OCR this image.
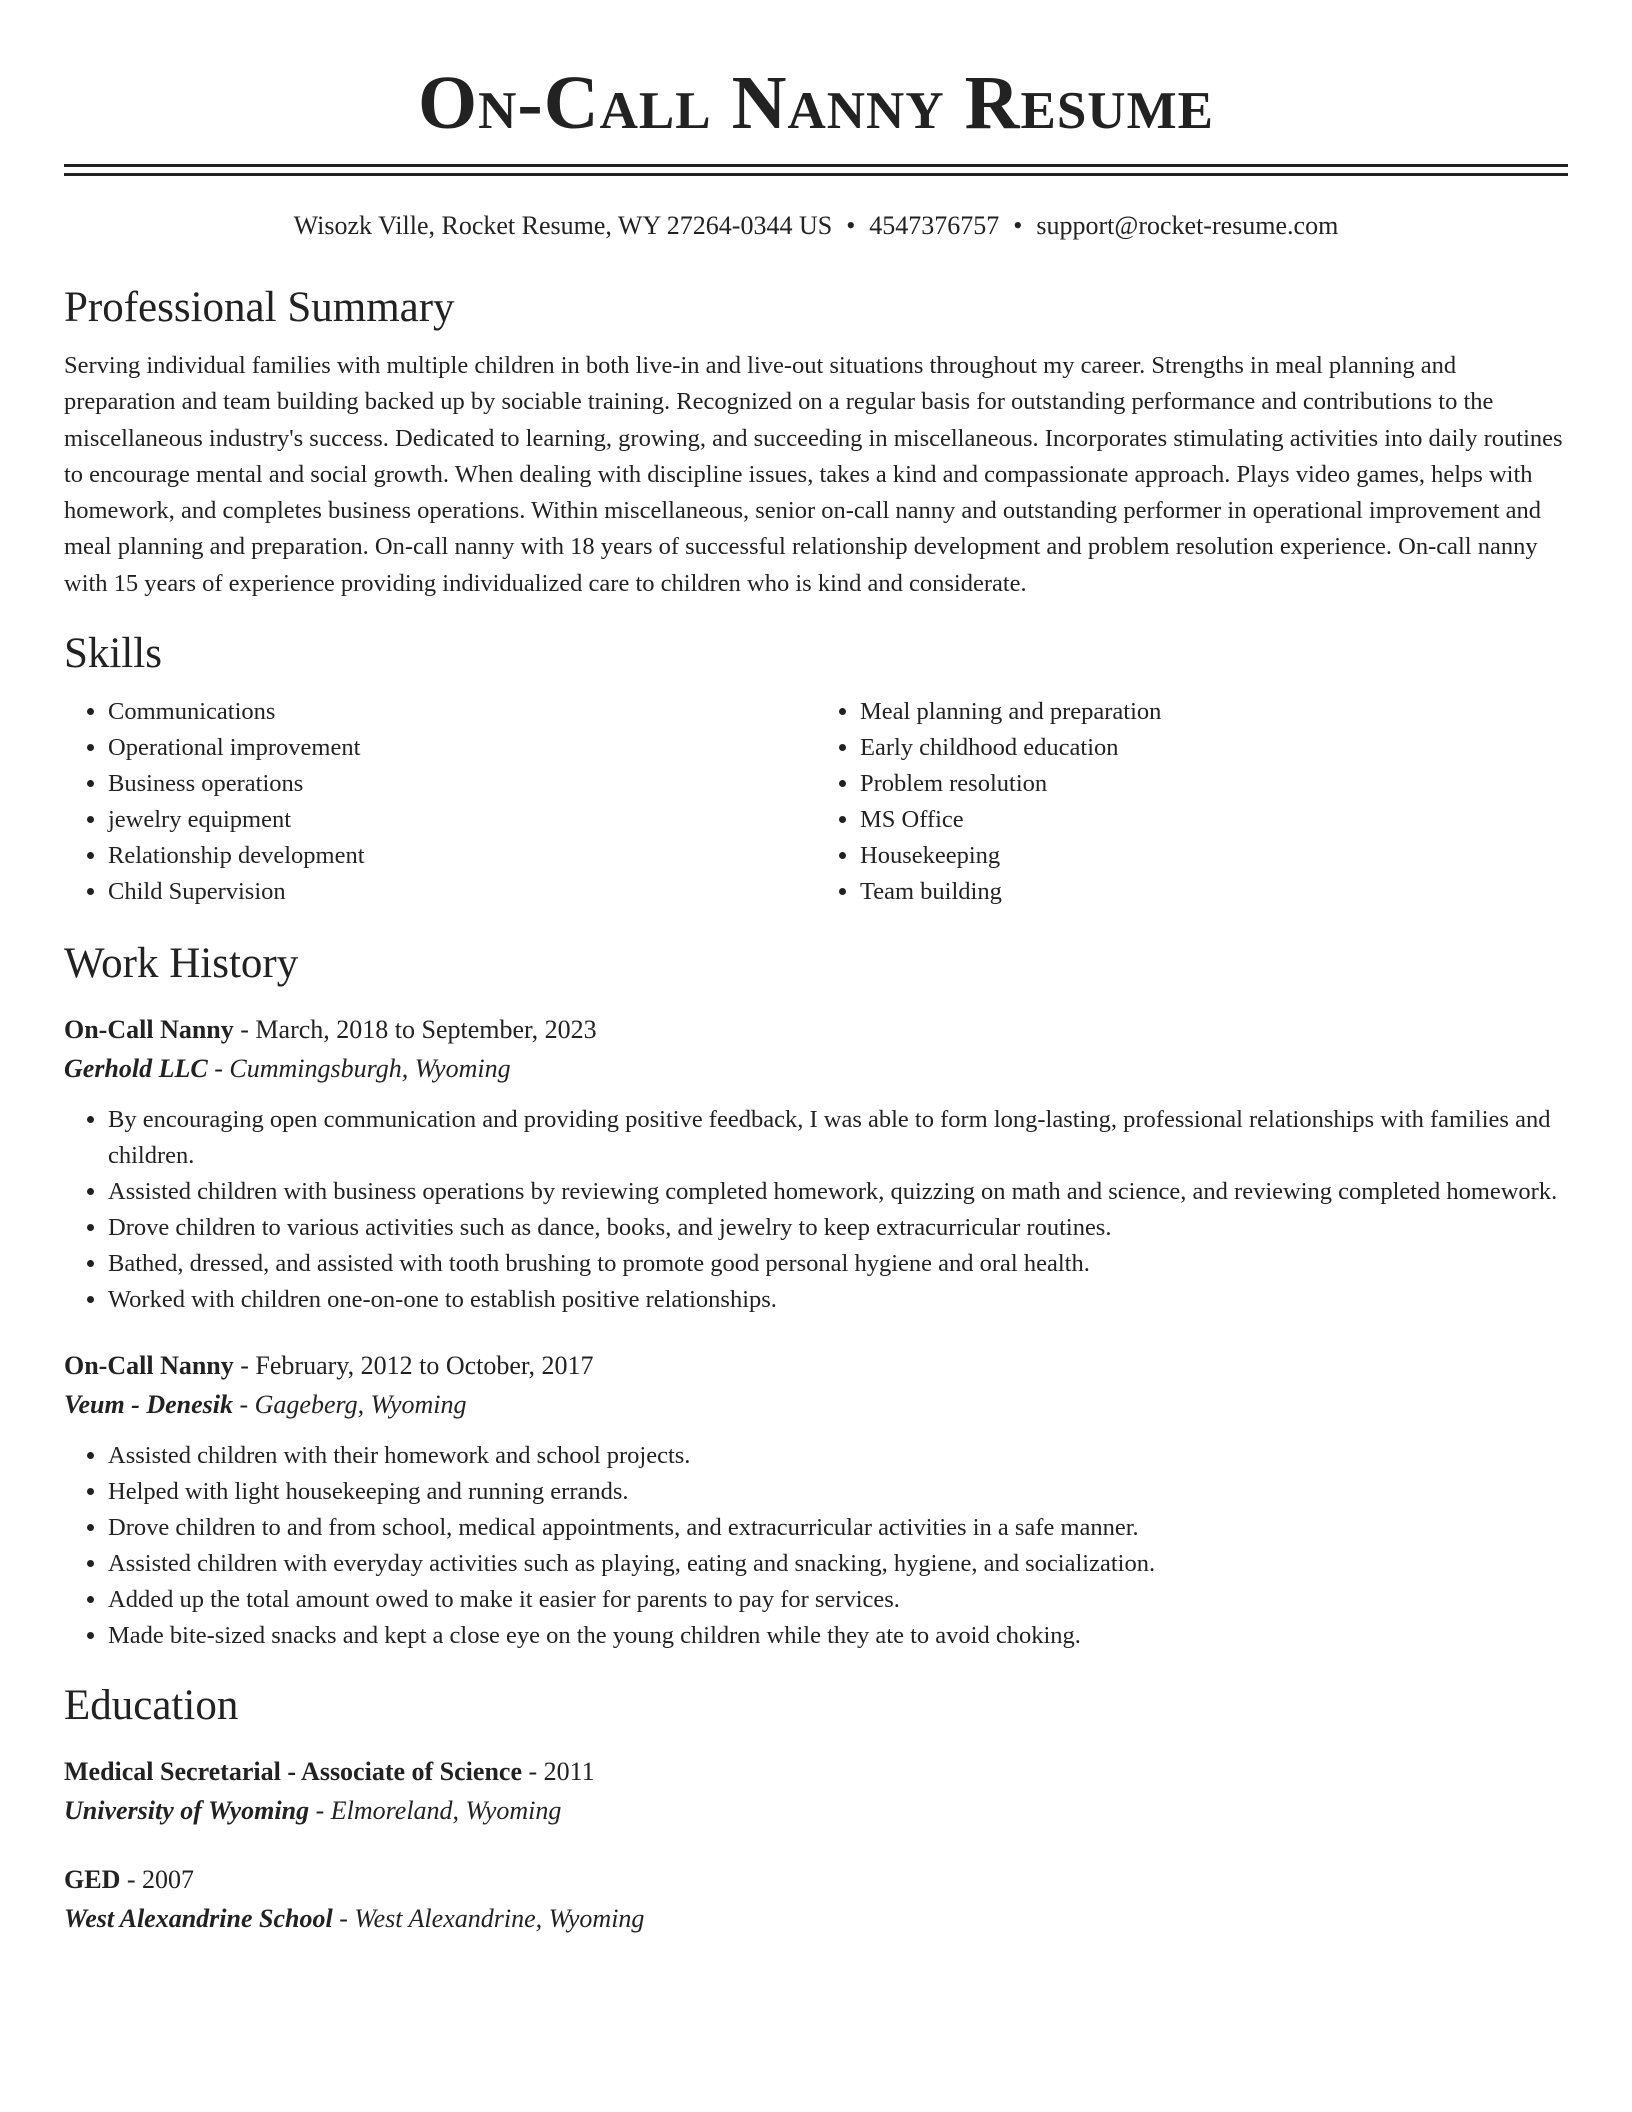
On-Call Nanny Resume
Wisozk Ville, Rocket Resume, WY 27264-0344 US • 4547376757 • support@rocket-resume.com
Professional Summary

Serving individual families with multiple children in both live-in and live-out situations throughout my career. Strengths in meal planning and preparation and team building backed up by sociable training. Recognized on a regular basis for outstanding performance and contributions to the miscellaneous industry's success. Dedicated to learning, growing, and succeeding in miscellaneous. Incorporates stimulating activities into daily routines to encourage mental and social growth. When dealing with discipline issues, takes a kind and compassionate approach. Plays video games, helps with homework, and completes business operations. Within miscellaneous, senior on-call nanny and outstanding performer in operational improvement and meal planning and preparation. On-call nanny with 18 years of successful relationship development and problem resolution experience. On-call nanny with 15 years of experience providing individualized care to children who is kind and considerate.

Skills
• Communications
• Operational improvement
• Business operations
• jewelry equipment
• Relationship development
• Child Supervision
• Meal planning and preparation
• Early childhood education
• Problem resolution
• MS Office
• Housekeeping
• Team building
Work History
On-Call Nanny - March, 2018 to September, 2023
Gerhold LLC - Cummingsburgh, Wyoming
• By encouraging open communication and providing positive feedback, I was able to form long-lasting, professional relationships with families and children.
• Assisted children with business operations by reviewing completed homework, quizzing on math and science, and reviewing completed homework.
• Drove children to various activities such as dance, books, and jewelry to keep extracurricular routines.
• Bathed, dressed, and assisted with tooth brushing to promote good personal hygiene and oral health.
• Worked with children one-on-one to establish positive relationships.
On-Call Nanny - February, 2012 to October, 2017
Veum - Denesik - Gageberg, Wyoming
• Assisted children with their homework and school projects.
• Helped with light housekeeping and running errands.
• Drove children to and from school, medical appointments, and extracurricular activities in a safe manner.
• Assisted children with everyday activities such as playing, eating and snacking, hygiene, and socialization.
• Added up the total amount owed to make it easier for parents to pay for services.
• Made bite-sized snacks and kept a close eye on the young children while they ate to avoid choking.
Education
Medical Secretarial - Associate of Science - 2011
University of Wyoming - Elmoreland, Wyoming
GED - 2007
West Alexandrine School - West Alexandrine, Wyoming
